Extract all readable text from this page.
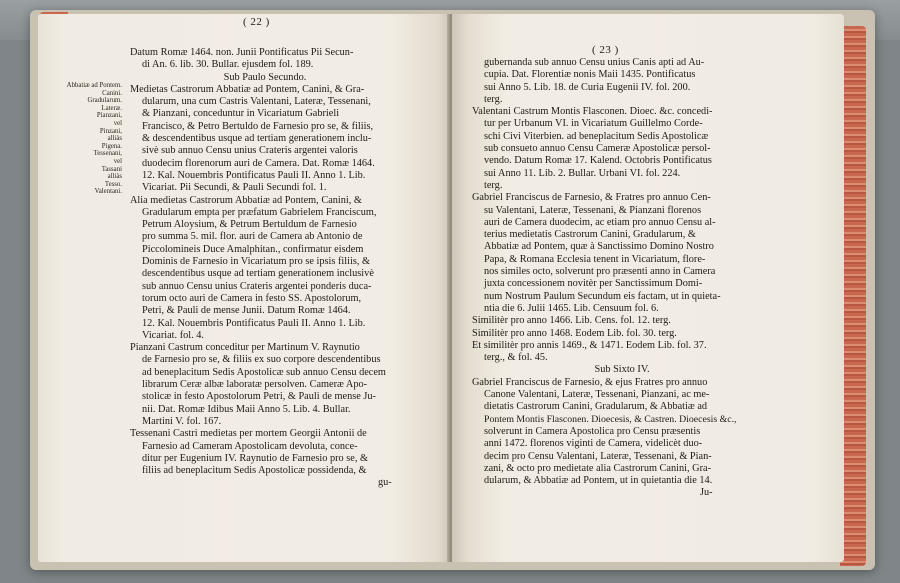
( 22 )
( 23 )

Abbatiæ ad Pontem.

Canini.

Gradularum.

Lateræ.

Pianzani,

vel

Pinzani,

alliàs

Pigena.

Tessenani,

vel

Tassani

alliàs

Tesso.

Valentani.

Datum Romæ 1464. non. Junii Pontificatus Pii Secun-

di An. 6. lib. 30. Bullar. ejusdem fol. 189.

Sub Paulo Secundo.

Medietas Castrorum Abbatiæ ad Pontem, Canini, & Gra-

dularum, una cum Castris Valentani, Lateræ, Tessenani,

& Pianzani, conceduntur in Vicariatum Gabrieli

Francisco, & Petro Bertuldo de Farnesio pro se, & filiis,

& descendentibus usque ad tertiam generationem inclu-

sivè sub annuo Censu unius Crateris argentei valoris

duodecim florenorum auri de Camera. Dat. Romæ 1464.

12. Kal. Nouembris Pontificatus Pauli II. Anno 1. Lib.

Vicariat. Pii Secundi, & Pauli Secundi fol. 1.

Alia medietas Castrorum Abbatiæ ad Pontem, Canini, &

Gradularum empta per præfatum Gabrielem Franciscum,

Petrum Aloysium, & Petrum Bertuldum de Farnesio

pro summa 5. mil. flor. auri de Camera ab Antonio de

Piccolomineis Duce Amalphitan., confirmatur eisdem

Dominis de Farnesio in Vicariatum pro se ipsis filiis, &

descendentibus usque ad tertiam generationem inclusivè

sub annuo Censu unius Crateris argentei ponderis duca-

torum octo auri de Camera in festo SS. Apostolorum,

Petri, & Pauli de mense Junii. Datum Romæ 1464.

12. Kal. Nouembris Pontificatus Pauli II. Anno 1. Lib.

Vicariat. fol. 4.

Pianzani Castrum conceditur per Martinum V. Raynutio

de Farnesio pro se, & filiis ex suo corpore descendentibus

ad beneplacitum Sedis Apostolicæ sub annuo Censu decem

librarum Ceræ albæ laboratæ persolven. Cameræ Apo-

stolicæ in festo Apostolorum Petri, & Pauli de mense Ju-

nii. Dat. Romæ Idibus Maii Anno 5. Lib. 4. Bullar.

Martini V. fol. 167.

Tessenani Castri medietas per mortem Georgii Antonii de

Farnesio ad Cameram Apostolicam devoluta, conce-

ditur per Eugenium IV. Raynutio de Farnesio pro se, &

filiis ad beneplacitum Sedis Apostolicæ possidenda, &

gu-

gubernanda sub annuo Censu unius Canis apti ad Au-

cupia. Dat. Florentiæ nonis Maii 1435. Pontificatus

sui Anno 5. Lib. 18. de Curia Eugenii IV. fol. 200.

terg.

Valentani Castrum Montis Flasconen. Dioec. &c. concedi-

tur per Urbanum VI. in Vicariatum Guillelmo Corde-

schi Civi Viterbien. ad beneplacitum Sedis Apostolicæ

sub consueto annuo Censu Cameræ Apostolicæ persol-

vendo. Datum Romæ 17. Kalend. Octobris Pontificatus

sui Anno 11. Lib. 2. Bullar. Urbani VI. fol. 224.

terg.

Gabriel Franciscus de Farnesio, & Fratres pro annuo Cen-

su Valentani, Lateræ, Tessenani, & Pianzani florenos

auri de Camera duodecim, ac etiam pro annuo Censu al-

terius medietatis Castrorum Canini, Gradularum, &

Abbatiæ ad Pontem, quæ à Sanctissimo Domino Nostro

Papa, & Romana Ecclesia tenent in Vicariatum, flore-

nos similes octo, solverunt pro præsenti anno in Camera

juxta concessionem novitèr per Sanctissimum Domi-

num Nostrum Paulum Secundum eis factam, ut in quieta-

ntia die 6. Julii 1465. Lib. Censuum fol. 6.

Similitèr pro anno 1466. Lib. Cens. fol. 12. terg.

Similitèr pro anno 1468. Eodem Lib. fol. 30. terg.

Et similitèr pro annis 1469., & 1471. Eodem Lib. fol. 37.

terg., & fol. 45.

Sub Sixto IV.

Gabriel Franciscus de Farnesio, & ejus Fratres pro annuo

Canone Valentani, Lateræ, Tessenani, Pianzani, ac me-

dietatis Castrorum Canini, Gradularum, & Abbatiæ ad

Pontem Montis Flasconen. Dioecesis, & Castren. Dioecesis &c.,

solverunt in Camera Apostolica pro Censu præsentis

anni 1472. florenos viginti de Camera, videlicèt duo-

decim pro Censu Valentani, Lateræ, Tessenani, & Pian-

zani, & octo pro medietate alia Castrorum Canini, Gra-

dularum, & Abbatiæ ad Pontem, ut in quietantia die 14.

Ju-
